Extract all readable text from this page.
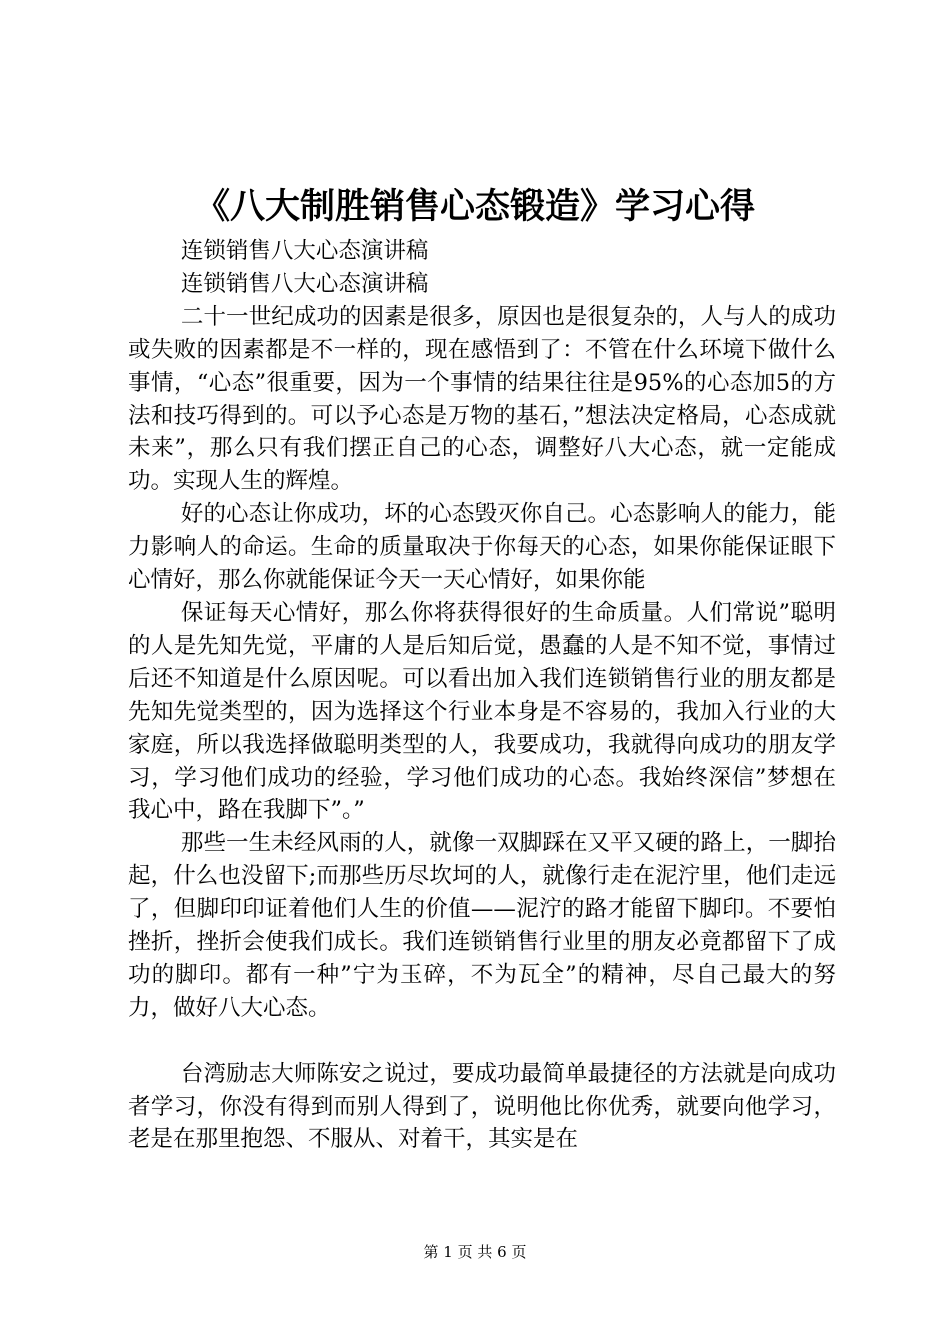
《八大制胜销售心态锻造》学习心得

连锁销售八大心态演讲稿

连锁销售八大心态演讲稿

二十一世纪成功的因素是很多，原因也是很复杂的，人与人的成功或失败的因素都是不一样的，现在感悟到了：不管在什么环境下做什么事情，“心态”很重要，因为一个事情的结果往往是95%的心态加5的方法和技巧得到的。可以予心态是万物的基石，”想法决定格局，心态成就未来”，那么只有我们摆正自己的心态，调整好八大心态，就一定能成功。实现人生的辉煌。

好的心态让你成功，坏的心态毁灭你自己。心态影响人的能力，能力影响人的命运。生命的质量取决于你每天的心态，如果你能保证眼下心情好，那么你就能保证今天一天心情好，如果你能

保证每天心情好，那么你将获得很好的生命质量。人们常说”聪明的人是先知先觉，平庸的人是后知后觉，愚蠢的人是不知不觉，事情过后还不知道是什么原因呢。可以看出加入我们连锁销售行业的朋友都是先知先觉类型的，因为选择这个行业本身是不容易的，我加入行业的大家庭，所以我选择做聪明类型的人，我要成功，我就得向成功的朋友学习，学习他们成功的经验，学习他们成功的心态。我始终深信”梦想在我心中，路在我脚下”。”

那些一生未经风雨的人，就像一双脚踩在又平又硬的路上，一脚抬起，什么也没留下;而那些历尽坎坷的人，就像行走在泥泞里，他们走远了，但脚印印证着他们人生的价值——泥泞的路才能留下脚印。不要怕挫折，挫折会使我们成长。我们连锁销售行业里的朋友必竟都留下了成功的脚印。都有一种”宁为玉碎，不为瓦全”的精神，尽自己最大的努力，做好八大心态。

台湾励志大师陈安之说过，要成功最简单最捷径的方法就是向成功者学习，你没有得到而别人得到了，说明他比你优秀，就要向他学习，老是在那里抱怨、不服从、对着干，其实是在

第 1 页 共 6 页
